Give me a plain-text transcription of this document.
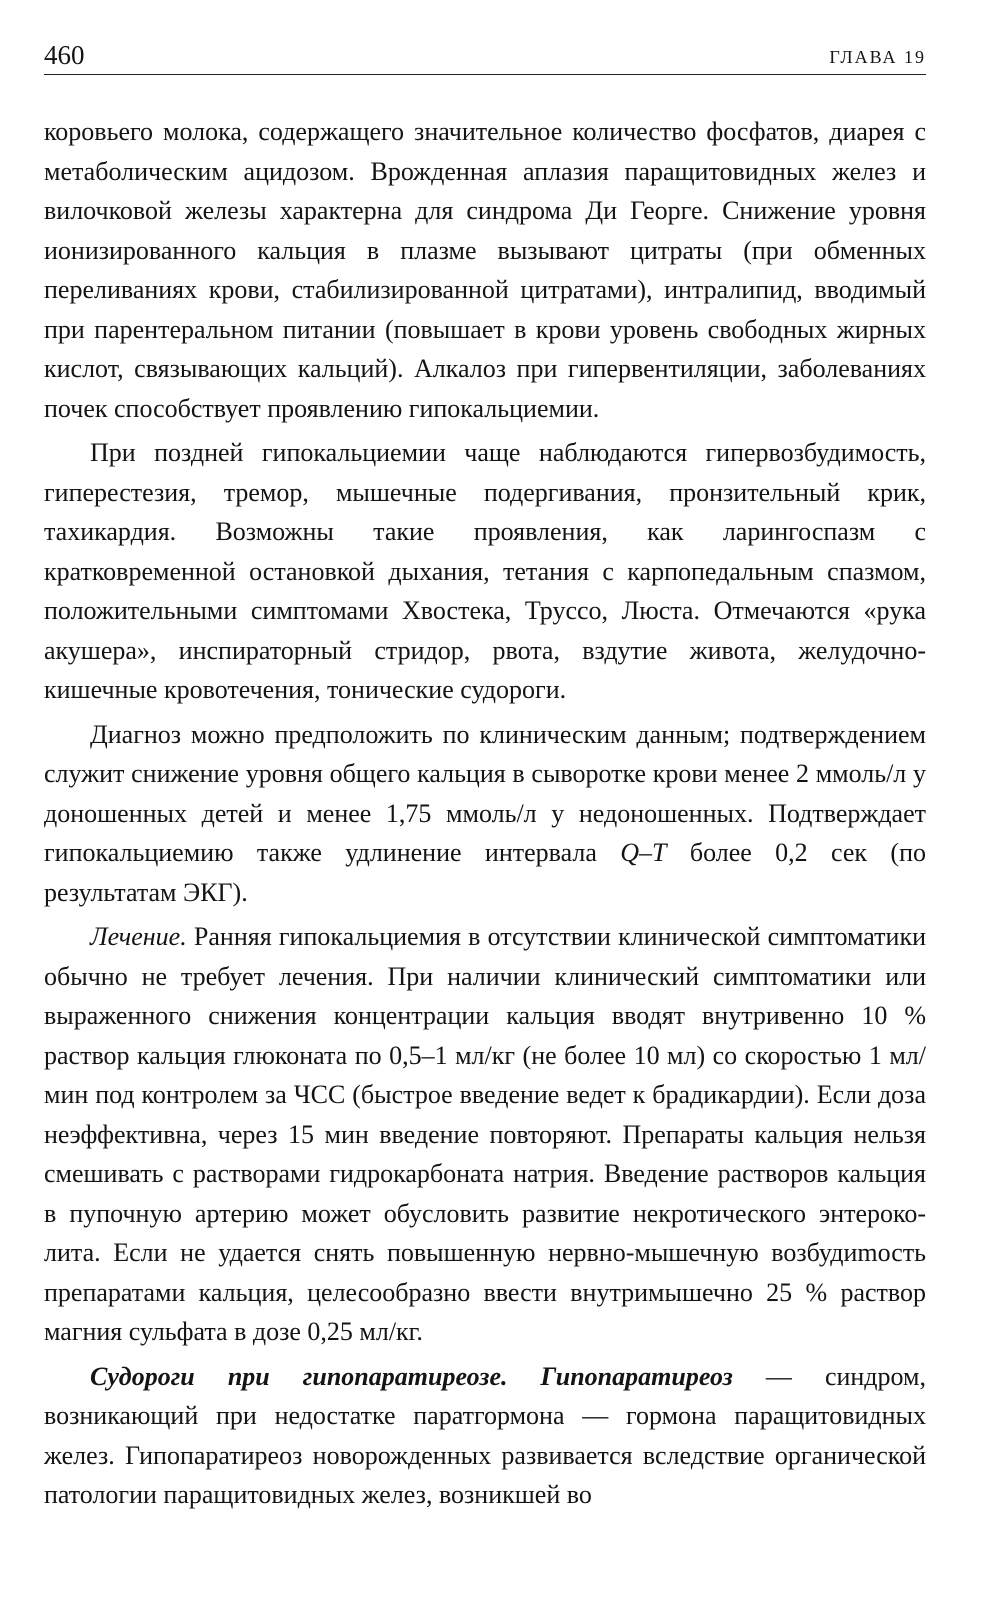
460	ГЛАВА 19

коровьего молока, содержащего значительное количество фосфатов, диарея с метаболическим ацидозом. Врожденная аплазия паращитовидных желез и вилочковой железы характерна для синдрома Ди Георге. Снижение уровня ионизированного кальция в плазме вызывают цитраты (при обменных переливаниях крови, стабилизированной цитратами), интралипид, вводимый при парентеральном питании (повышает в крови уровень свободных жирных кислот, связывающих кальций). Алкалоз при гипервентиляции, заболеваниях почек способствует проявлению гипокальциемии.

При поздней гипокальциемии чаще наблюдаются гипервозбудимость, гиперестезия, тремор, мышечные подергивания, пронзительный крик, тахикардия. Возможны такие проявления, как ларингоспазм с кратковременной остановкой дыхания, тетания с карпопедальным спазмом, положительными симптомами Хвостека, Труссо, Люста. Отмечаются «рука акушера», инспираторный стридор, рвота, вздутие живота, желудочно-кишечные кровотечения, тонические судороги.

Диагноз можно предположить по клиническим данным; подтверждением служит снижение уровня общего кальция в сыворотке крови менее 2 ммоль/л у доношенных детей и менее 1,75 ммоль/л у недоношенных. Подтверждает гипокальциемию также удлинение интервала Q–T более 0,2 сек (по результатам ЭКГ).

Лечение. Ранняя гипокальциемия в отсутствии клинической симптоматики обычно не требует лечения. При наличии клинический симптоматики или выраженного снижения концентрации кальция вводят внутривенно 10 % раствор кальция глюконата по 0,5–1 мл/кг (не более 10 мл) со скоростью 1 мл/мин под контролем за ЧСС (быстрое введение ведет к брадикардии). Если доза неэффективна, через 15 мин введение повторяют. Препараты кальция нельзя смешивать с растворами гидрокарбоната натрия. Введение растворов кальция в пупочную артерию может обусловить развитие некротического энтероколита. Если не удается снять повышенную нервно-мышечную возбудиmость препаратами кальция, целесообразно ввести внутримышечно 25 % раствор магния сульфата в дозе 0,25 мл/кг.

Судороги при гипопаратиреозе. Гипопаратиреоз — синдром, возникающий при недостатке паратгормона — гормона паращитовидных желез. Гипопаратиреоз новорожденных развивается вследствие органической патологии паращитовидных желез, возникшей во
